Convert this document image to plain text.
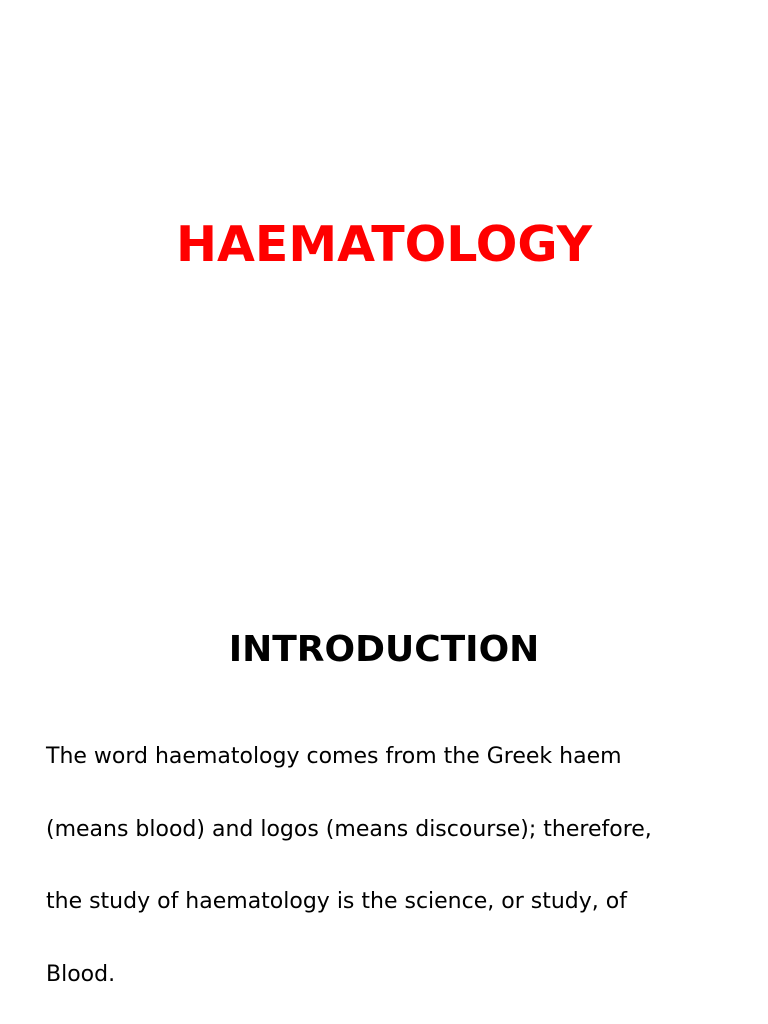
HAEMATOLOGY
INTRODUCTION

The word haematology comes from the Greek haem

(means blood) and logos (means discourse); therefore,

the study of haematology is the science, or study, of

Blood.
